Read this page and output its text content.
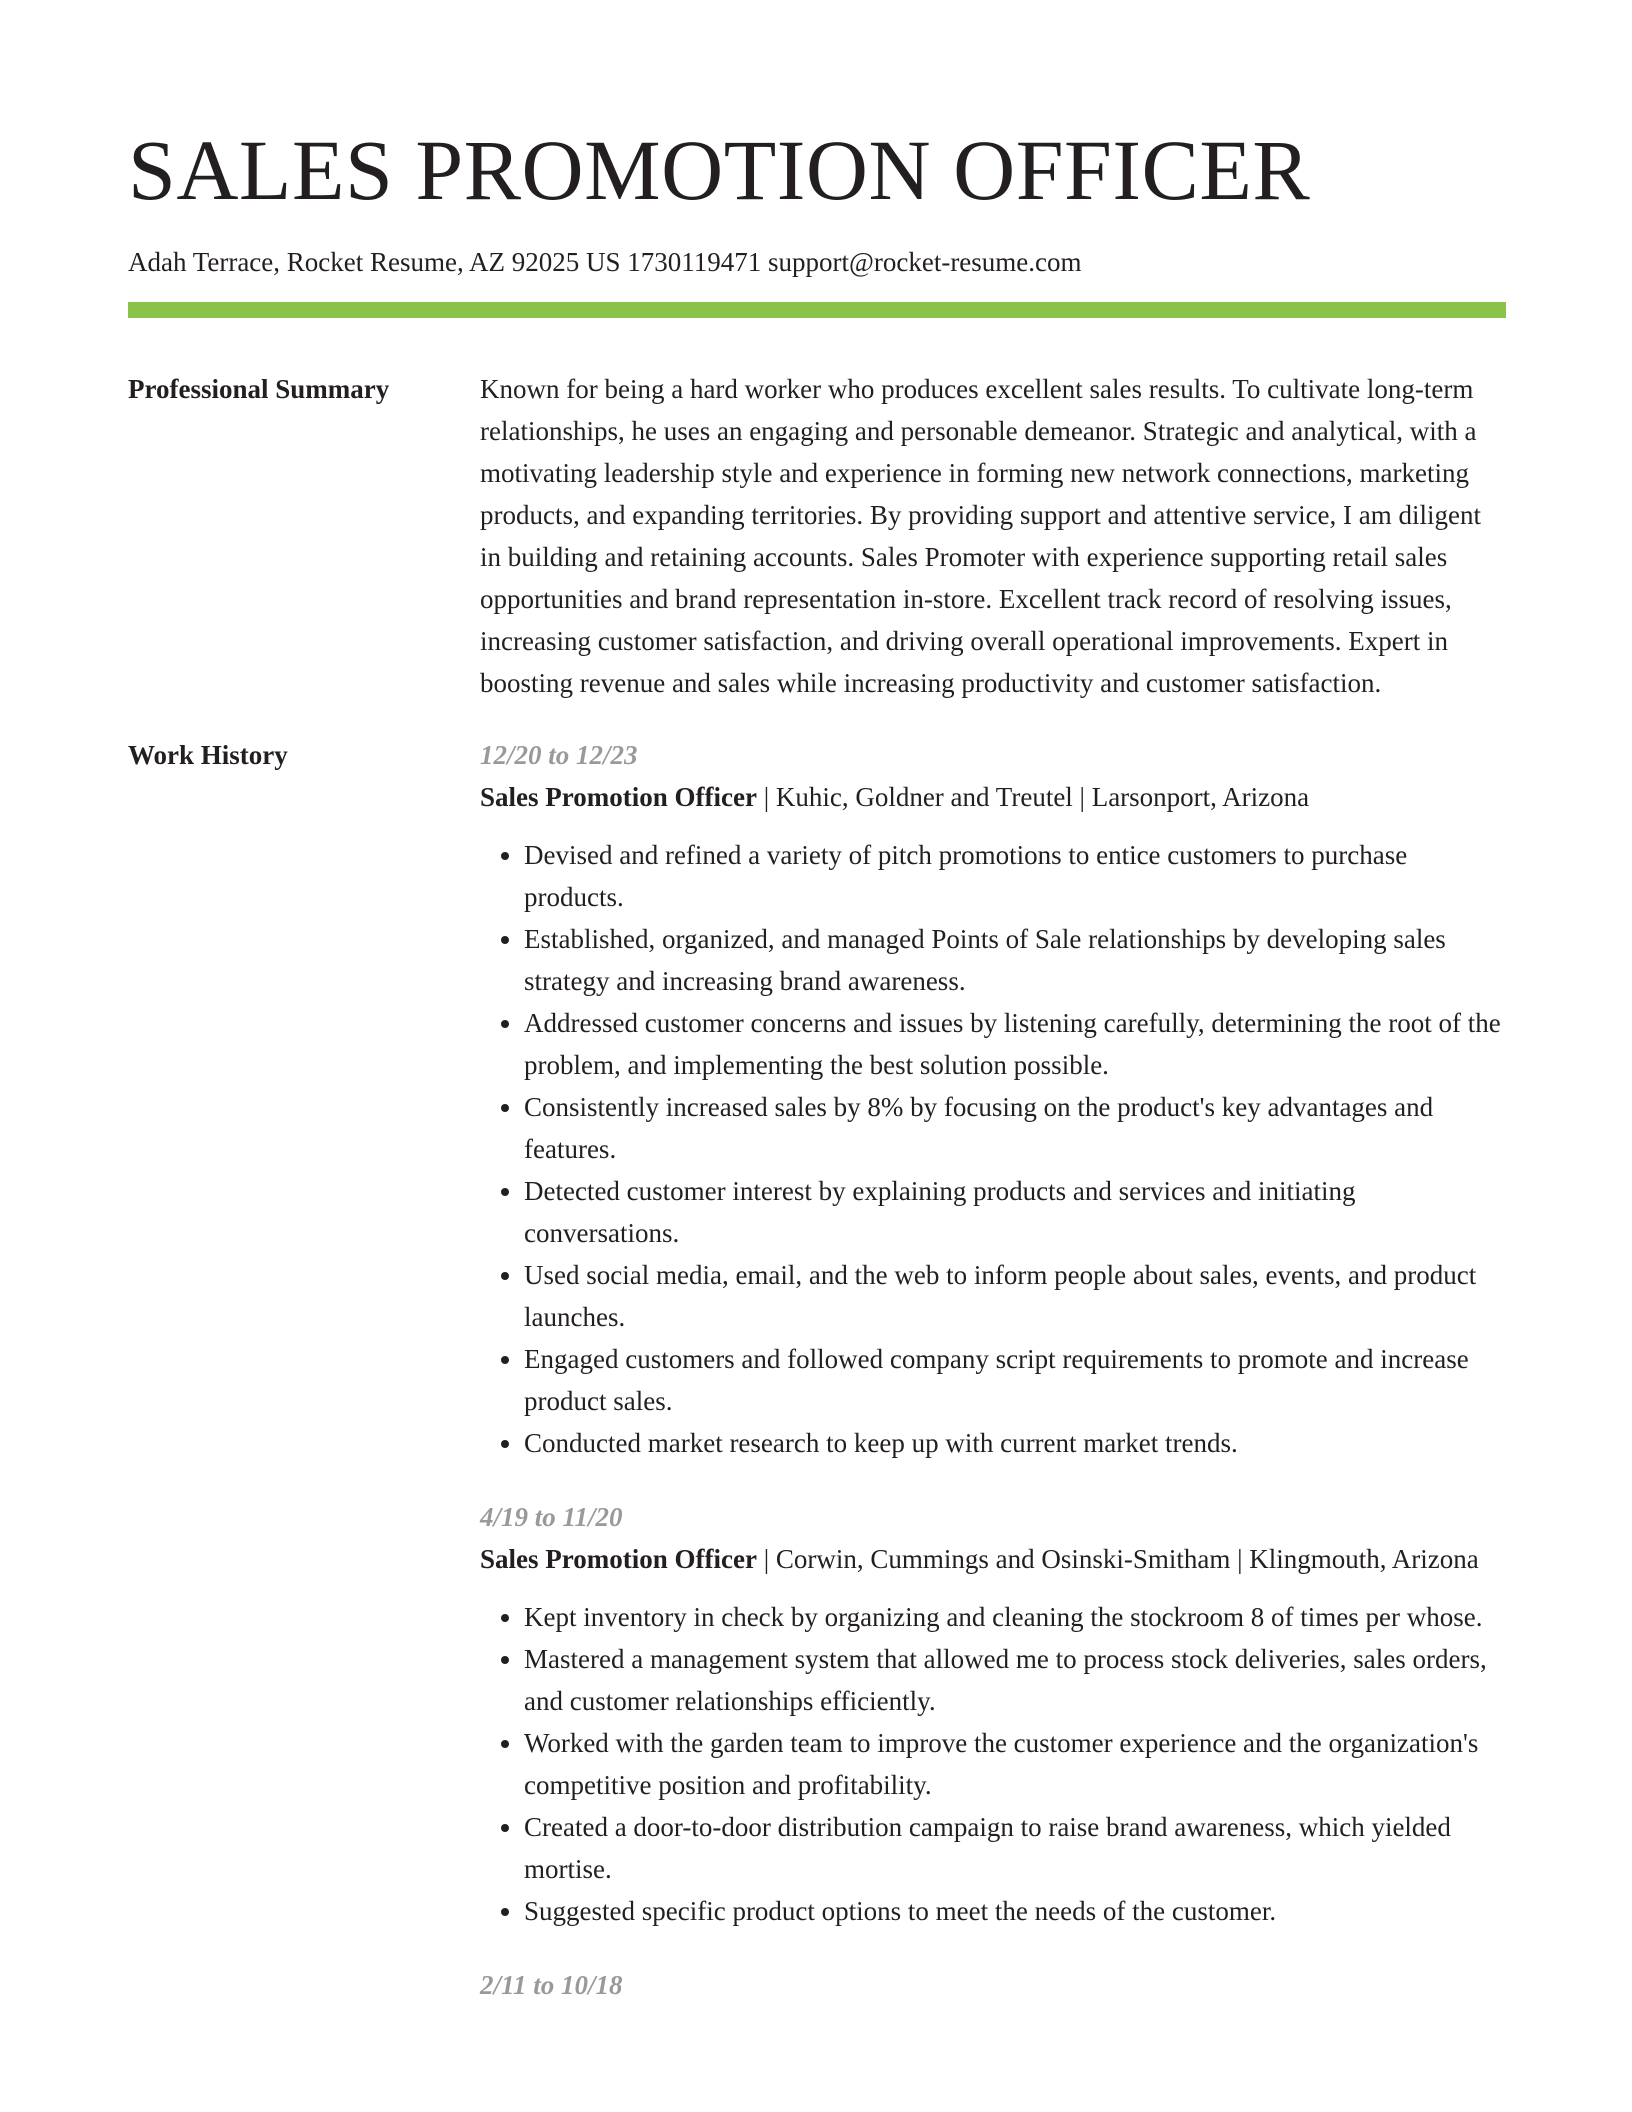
SALES PROMOTION OFFICER
Adah Terrace, Rocket Resume, AZ 92025 US 1730119471 support@rocket-resume.com
Professional Summary	Known for being a hard worker who produces excellent sales results. To cultivate long-term relationships, he uses an engaging and personable demeanor. Strategic and analytical, with a motivating leadership style and experience in forming new network connections, marketing products, and expanding territories. By providing support and attentive service, I am diligent in building and retaining accounts. Sales Promoter with experience supporting retail sales opportunities and brand representation in-store. Excellent track record of resolving issues, increasing customer satisfaction, and driving overall operational improvements. Expert in boosting revenue and sales while increasing productivity and customer satisfaction.

Work History	12/20 to 12/23
Sales Promotion Officer | Kuhic, Goldner and Treutel | Larsonport, Arizona
• Devised and refined a variety of pitch promotions to entice customers to purchase products.
• Established, organized, and managed Points of Sale relationships by developing sales strategy and increasing brand awareness.
• Addressed customer concerns and issues by listening carefully, determining the root of the problem, and implementing the best solution possible.
• Consistently increased sales by 8% by focusing on the product's key advantages and features.
• Detected customer interest by explaining products and services and initiating conversations.
• Used social media, email, and the web to inform people about sales, events, and product launches.
• Engaged customers and followed company script requirements to promote and increase product sales.
• Conducted market research to keep up with current market trends.
4/19 to 11/20
Sales Promotion Officer | Corwin, Cummings and Osinski-Smitham | Klingmouth, Arizona
• Kept inventory in check by organizing and cleaning the stockroom 8 of times per whose.
• Mastered a management system that allowed me to process stock deliveries, sales orders, and customer relationships efficiently.
• Worked with the garden team to improve the customer experience and the organization's competitive position and profitability.
• Created a door-to-door distribution campaign to raise brand awareness, which yielded mortise.
• Suggested specific product options to meet the needs of the customer.
2/11 to 10/18
